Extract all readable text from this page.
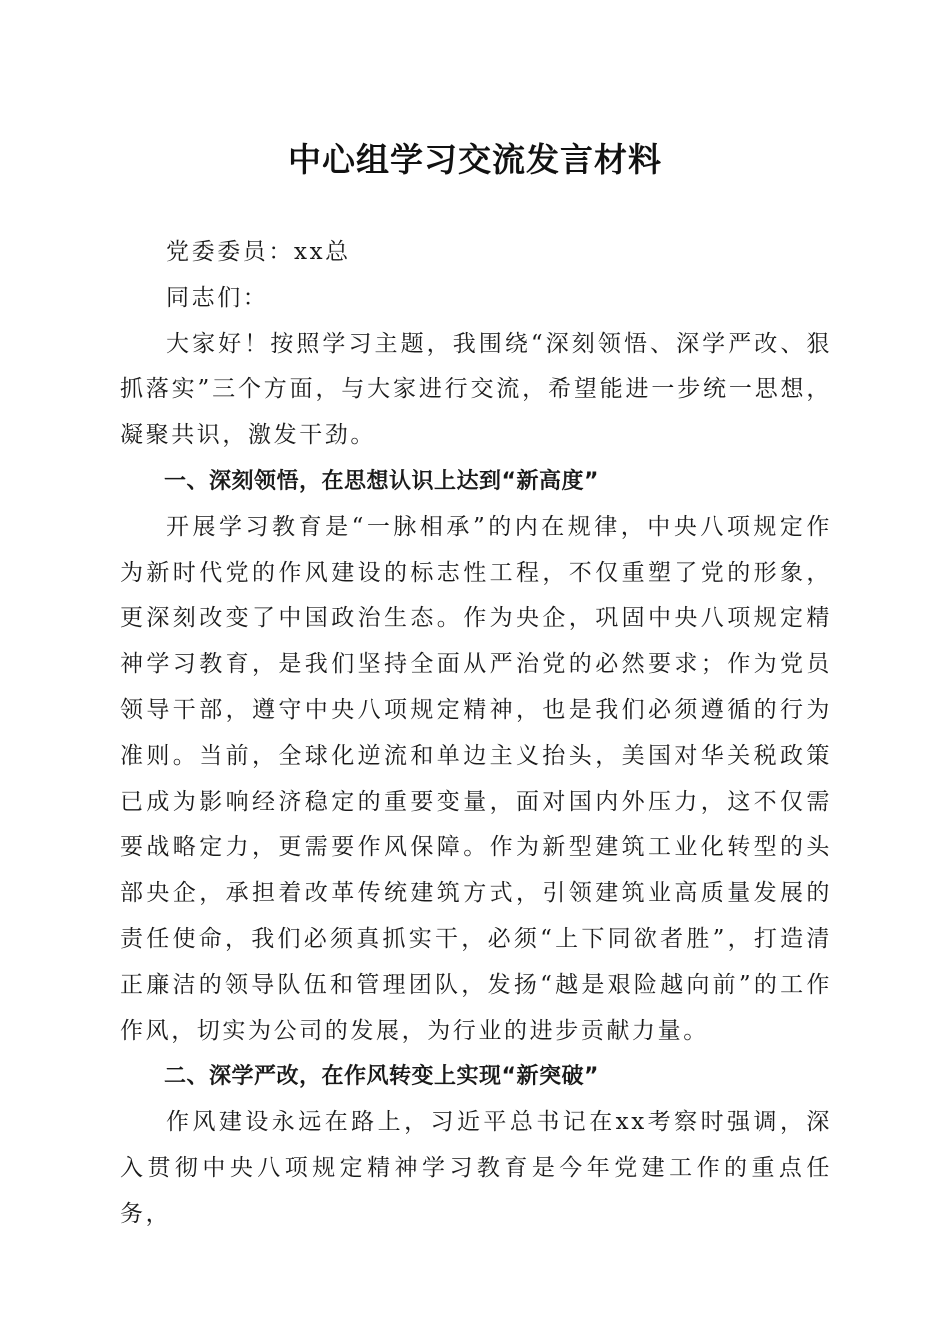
中心组学习交流发言材料

党委委员：xx总

同志们：

大家好！按照学习主题，我围绕“深刻领悟、深学严改、狠抓落实”三个方面，与大家进行交流，希望能进一步统一思想，凝聚共识，激发干劲。

一、深刻领悟，在思想认识上达到“新高度”

开展学习教育是“一脉相承”的内在规律，中央八项规定作为新时代党的作风建设的标志性工程，不仅重塑了党的形象，更深刻改变了中国政治生态。作为央企，巩固中央八项规定精神学习教育，是我们坚持全面从严治党的必然要求；作为党员领导干部，遵守中央八项规定精神，也是我们必须遵循的行为准则。当前，全球化逆流和单边主义抬头，美国对华关税政策已成为影响经济稳定的重要变量，面对国内外压力，这不仅需要战略定力，更需要作风保障。作为新型建筑工业化转型的头部央企，承担着改革传统建筑方式，引领建筑业高质量发展的责任使命，我们必须真抓实干，必须“上下同欲者胜”，打造清正廉洁的领导队伍和管理团队，发扬“越是艰险越向前”的工作作风，切实为公司的发展，为行业的进步贡献力量。

二、深学严改，在作风转变上实现“新突破”

作风建设永远在路上，习近平总书记在xx考察时强调，深入贯彻中央八项规定精神学习教育是今年党建工作的重点任务，
